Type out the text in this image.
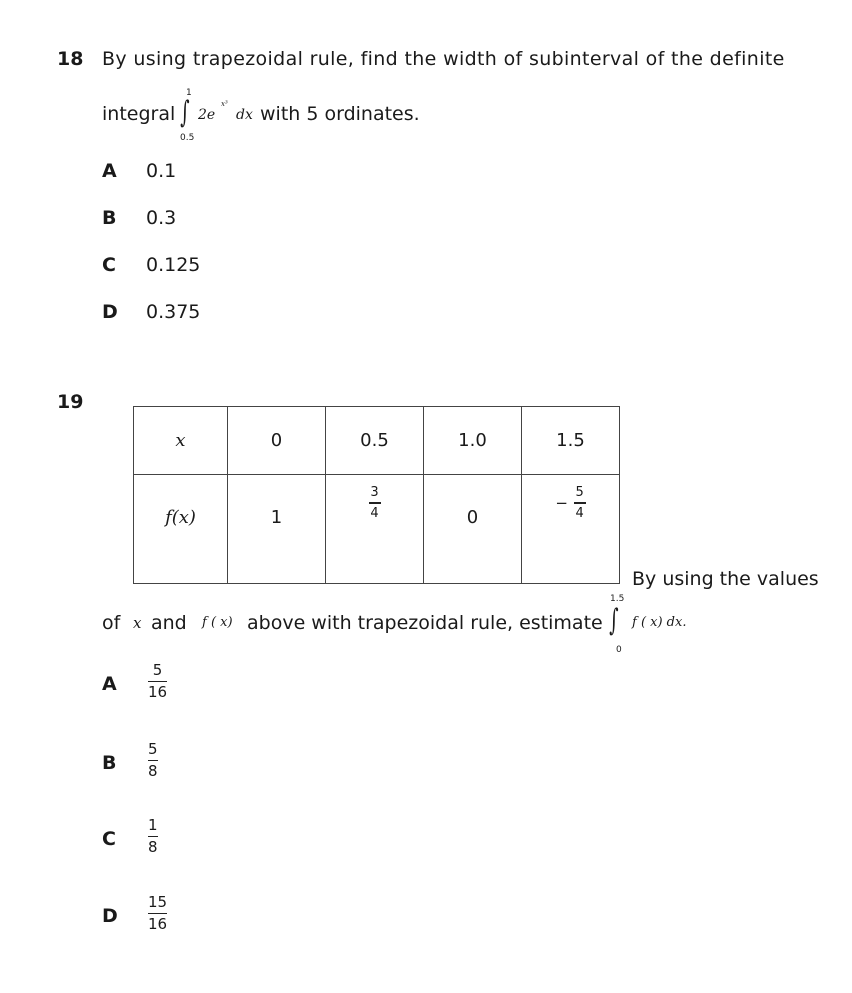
18 By using trapezoidal rule, find the width of subinterval of the definite
integral
1
∫
0.5
2e
x³
dx with 5 ordinates.
A 0.1
B 0.3
C 0.125
D 0.375
19
x	0	0.5	1.0	1.5
f(x)	1	$\frac{3}{4}$	0	− $\frac{5}{4}$
By using the values
of x and f ( x) above with trapezoidal rule, estimate
1.5
∫
0
f ( x) dx.
A
5
16
B
5
8
C
1
8
D
15
16
